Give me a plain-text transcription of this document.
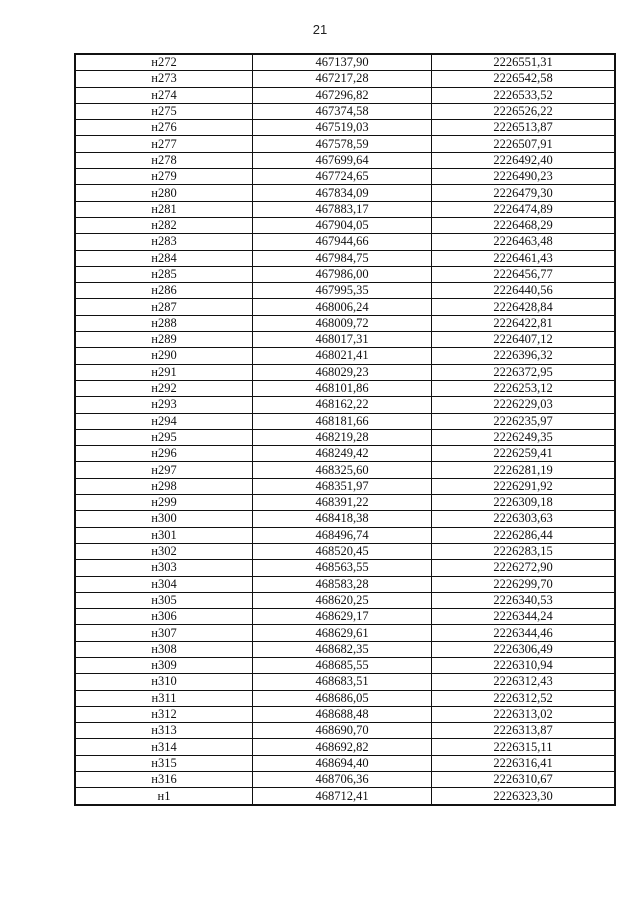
21
н272	467137,90	2226551,31
н273	467217,28	2226542,58
н274	467296,82	2226533,52
н275	467374,58	2226526,22
н276	467519,03	2226513,87
н277	467578,59	2226507,91
н278	467699,64	2226492,40
н279	467724,65	2226490,23
н280	467834,09	2226479,30
н281	467883,17	2226474,89
н282	467904,05	2226468,29
н283	467944,66	2226463,48
н284	467984,75	2226461,43
н285	467986,00	2226456,77
н286	467995,35	2226440,56
н287	468006,24	2226428,84
н288	468009,72	2226422,81
н289	468017,31	2226407,12
н290	468021,41	2226396,32
н291	468029,23	2226372,95
н292	468101,86	2226253,12
н293	468162,22	2226229,03
н294	468181,66	2226235,97
н295	468219,28	2226249,35
н296	468249,42	2226259,41
н297	468325,60	2226281,19
н298	468351,97	2226291,92
н299	468391,22	2226309,18
н300	468418,38	2226303,63
н301	468496,74	2226286,44
н302	468520,45	2226283,15
н303	468563,55	2226272,90
н304	468583,28	2226299,70
н305	468620,25	2226340,53
н306	468629,17	2226344,24
н307	468629,61	2226344,46
н308	468682,35	2226306,49
н309	468685,55	2226310,94
н310	468683,51	2226312,43
н311	468686,05	2226312,52
н312	468688,48	2226313,02
н313	468690,70	2226313,87
н314	468692,82	2226315,11
н315	468694,40	2226316,41
н316	468706,36	2226310,67
н1	468712,41	2226323,30
